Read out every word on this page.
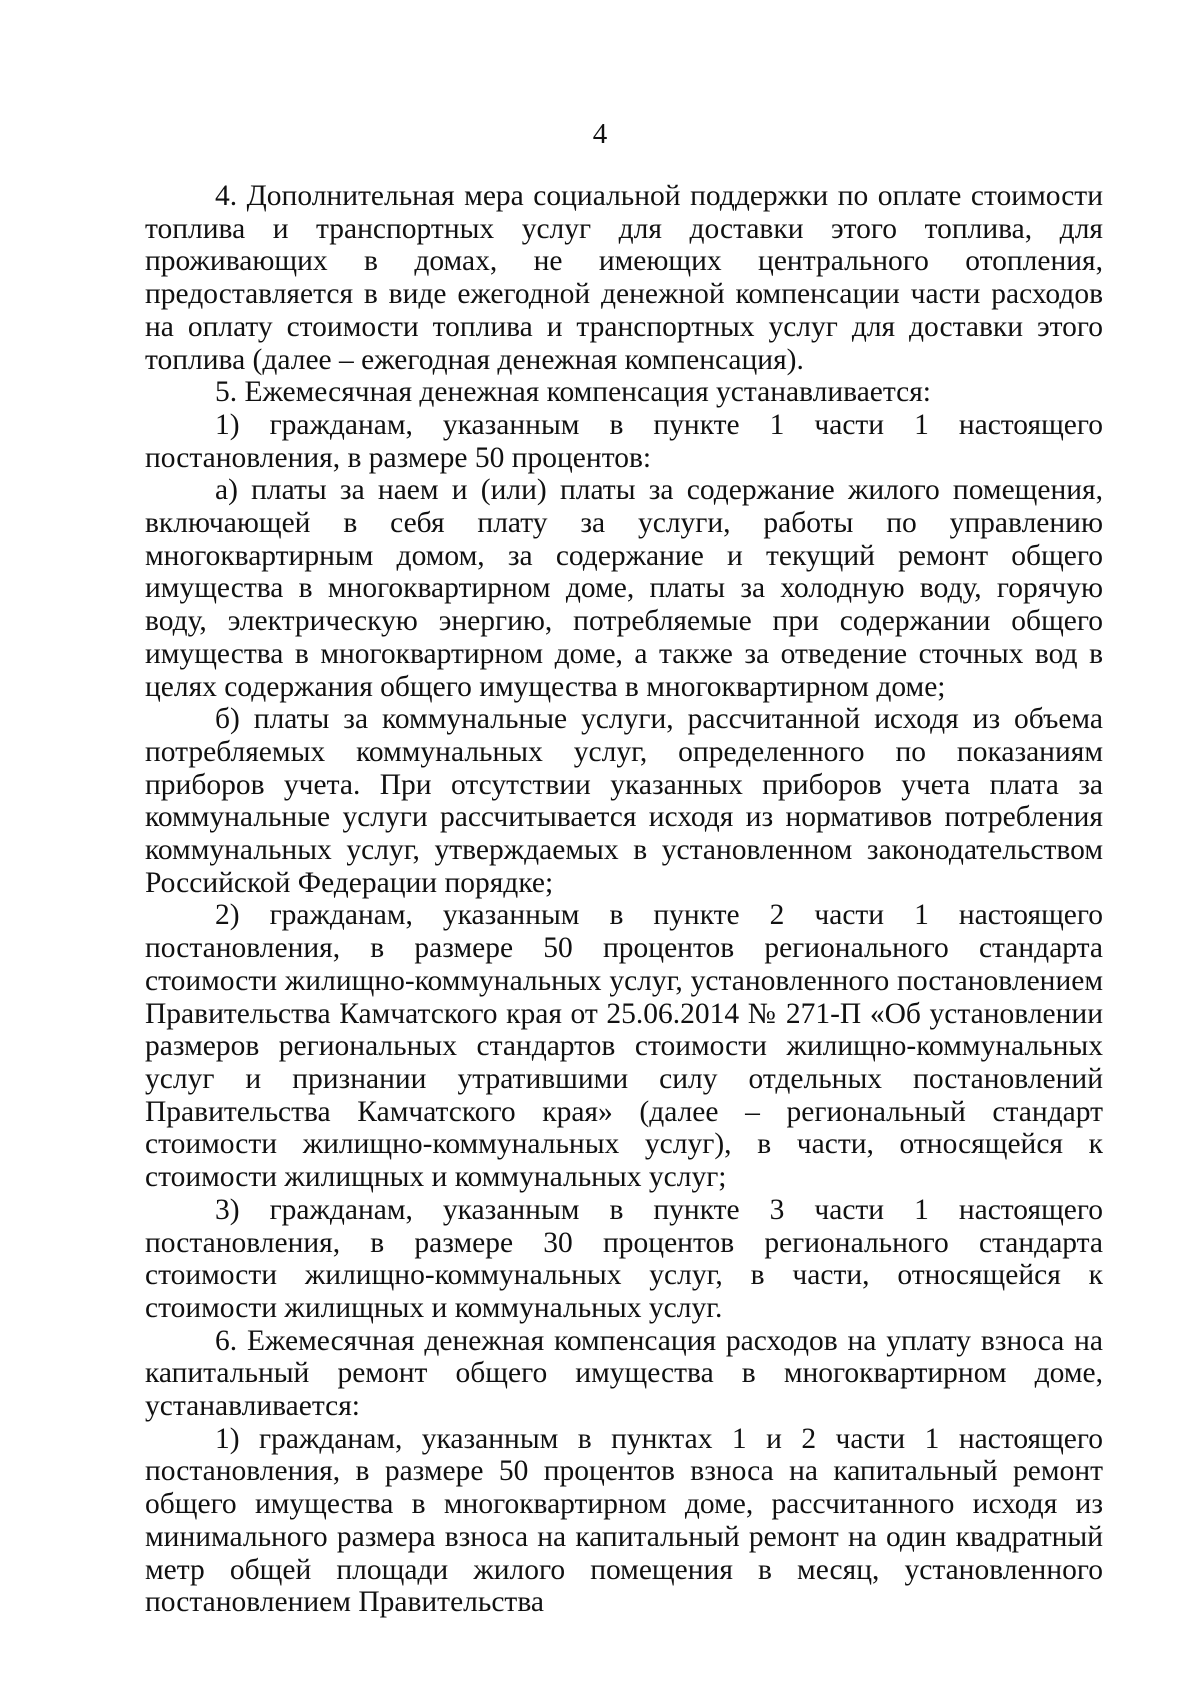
4

4. Дополнительная мера социальной поддержки по оплате стоимости топлива и транспортных услуг для доставки этого топлива, для проживающих в домах, не имеющих центрального отопления, предоставляется в виде ежегодной денежной компенсации части расходов на оплату стоимости топлива и транспортных услуг для доставки этого топлива (далее – ежегодная денежная компенсация).

5. Ежемесячная денежная компенсация устанавливается:

1) гражданам, указанным в пункте 1 части 1 настоящего постановления, в размере 50 процентов:

а) платы за наем и (или) платы за содержание жилого помещения, включающей в себя плату за услуги, работы по управлению многоквартирным домом, за содержание и текущий ремонт общего имущества в многоквартирном доме, платы за холодную воду, горячую воду, электрическую энергию, потребляемые при содержании общего имущества в многоквартирном доме, а также за отведение сточных вод в целях содержания общего имущества в многоквартирном доме;

б) платы за коммунальные услуги, рассчитанной исходя из объема потребляемых коммунальных услуг, определенного по показаниям приборов учета. При отсутствии указанных приборов учета плата за коммунальные услуги рассчитывается исходя из нормативов потребления коммунальных услуг, утверждаемых в установленном законодательством Российской Федерации порядке;

2) гражданам, указанным в пункте 2 части 1 настоящего постановления, в размере 50 процентов регионального стандарта стоимости жилищно-коммунальных услуг, установленного постановлением Правительства Камчатского края от 25.06.2014 № 271-П «Об установлении размеров региональных стандартов стоимости жилищно-коммунальных услуг и признании утратившими силу отдельных постановлений Правительства Камчатского края» (далее – региональный стандарт стоимости жилищно-коммунальных услуг), в части, относящейся к стоимости жилищных и коммунальных услуг;

3) гражданам, указанным в пункте 3 части 1 настоящего постановления, в размере 30 процентов регионального стандарта стоимости жилищно-коммунальных услуг, в части, относящейся к стоимости жилищных и коммунальных услуг.

6. Ежемесячная денежная компенсация расходов на уплату взноса на капитальный ремонт общего имущества в многоквартирном доме, устанавливается:

1) гражданам, указанным в пунктах 1 и 2 части 1 настоящего постановления, в размере 50 процентов взноса на капитальный ремонт общего имущества в многоквартирном доме, рассчитанного исходя из минимального размера взноса на капитальный ремонт на один квадратный метр общей площади жилого помещения в месяц, установленного постановлением Правительства
